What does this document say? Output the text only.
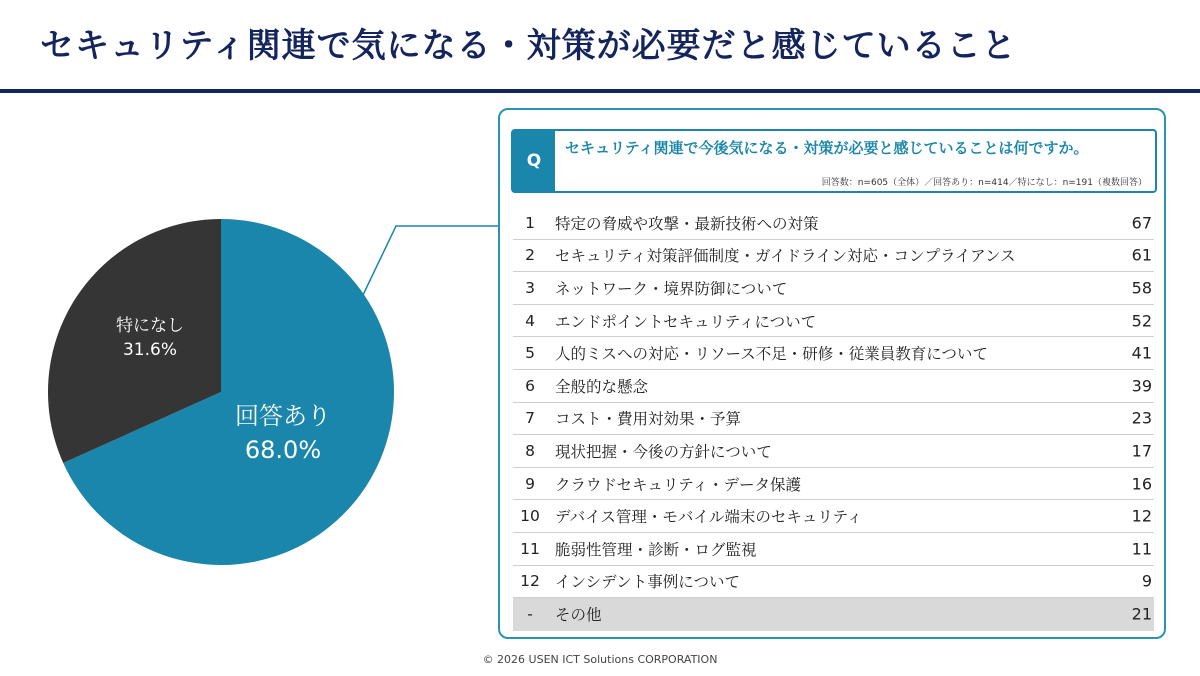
セキュリティ関連で気になる・対策が必要だと感じていること
回答あり
68.0%
特になし
31.6%
Q
セキュリティ関連で今後気になる・対策が必要と感じていることは何ですか。
回答数：n=605（全体）／回答あり：n=414／特になし：n=191（複数回答）
1	特定の脅威や攻撃・最新技術への対策	67
2	セキュリティ対策評価制度・ガイドライン対応・コンプライアンス	61
3	ネットワーク・境界防御について	58
4	エンドポイントセキュリティについて	52
5	人的ミスへの対応・リソース不足・研修・従業員教育について	41
6	全般的な懸念	39
7	コスト・費用対効果・予算	23
8	現状把握・今後の方針について	17
9	クラウドセキュリティ・データ保護	16
10 デバイス管理・モバイル端末のセキュリティ	12
11 脆弱性管理・診断・ログ監視	11
12 インシデント事例について	9
-	その他	21
© 2026 USEN ICT Solutions CORPORATION
